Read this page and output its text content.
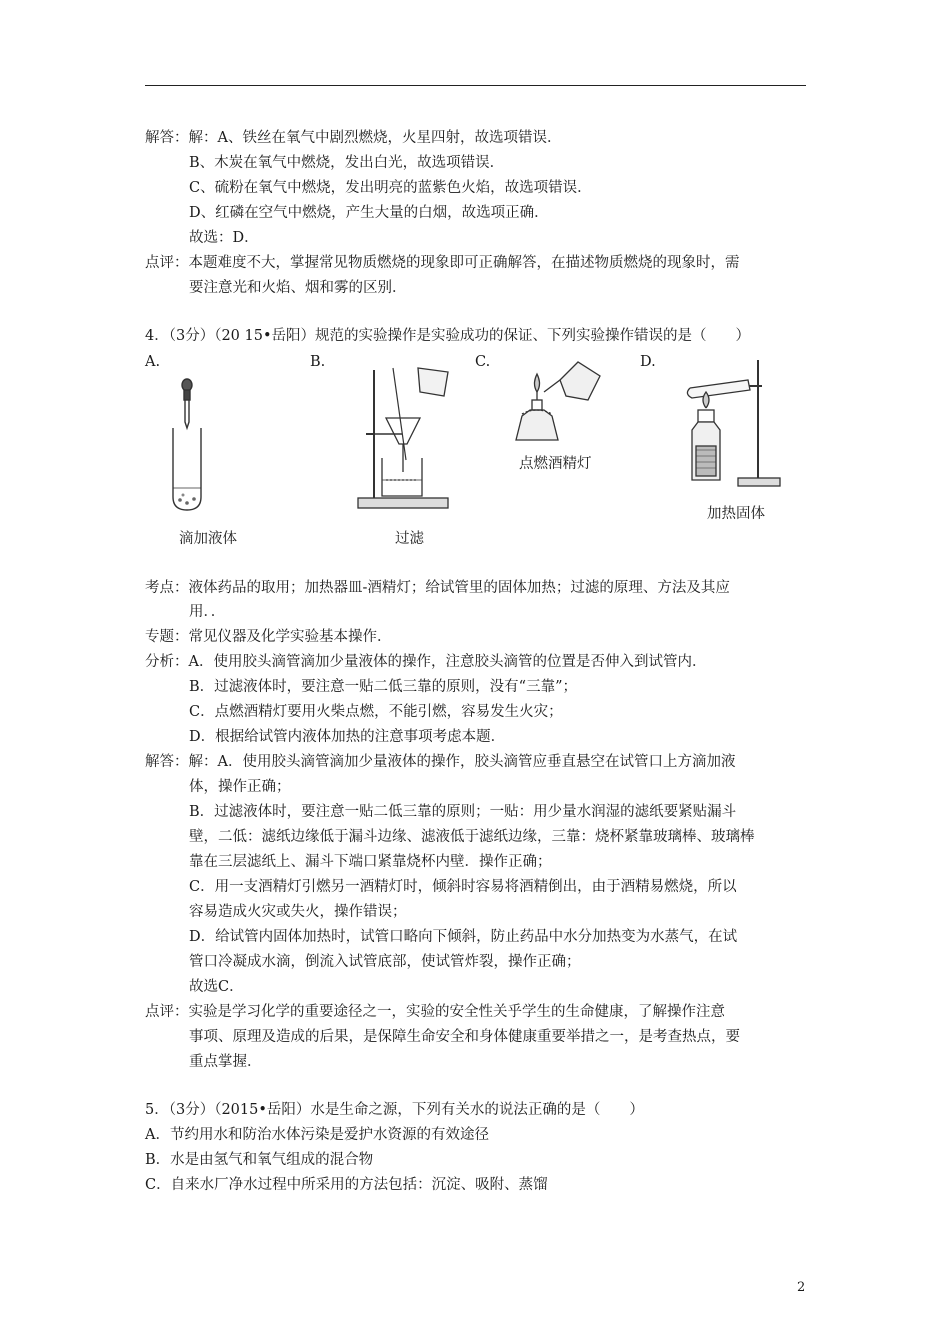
解答：解：A、铁丝在氧气中剧烈燃烧，火星四射，故选项错误．
B、木炭在氧气中燃烧，发出白光，故选项错误．
C、硫粉在氧气中燃烧，发出明亮的蓝紫色火焰，故选项错误．
D、红磷在空气中燃烧，产生大量的白烟，故选项正确．
故选：D．
点评：本题难度不大，掌握常见物质燃烧的现象即可正确解答，在描述物质燃烧的现象时，需
要注意光和火焰、烟和雾的区别．
4．（3分）（20 15•岳阳）规范的实验操作是实验成功的保证、下列实验操作错误的是（　　）
A.	B.	C.	D.
滴加液体	过滤
点燃酒精灯
加热固体
考点：液体药品的取用；加热器皿-酒精灯；给试管里的固体加热；过滤的原理、方法及其应
用．．
专题：常见仪器及化学实验基本操作．
分析：A．使用胶头滴管滴加少量液体的操作，注意胶头滴管的位置是否伸入到试管内．
B．过滤液体时，要注意一贴二低三靠的原则，没有“三靠”；
C．点燃酒精灯要用火柴点燃，不能引燃，容易发生火灾；
D．根据给试管内液体加热的注意事项考虑本题．
解答：解：A．使用胶头滴管滴加少量液体的操作，胶头滴管应垂直悬空在试管口上方滴加液
体，操作正确；
B．过滤液体时，要注意一贴二低三靠的原则；一贴：用少量水润湿的滤纸要紧贴漏斗
壁，二低：滤纸边缘低于漏斗边缘、滤液低于滤纸边缘，三靠：烧杯紧靠玻璃棒、玻璃棒
靠在三层滤纸上、漏斗下端口紧靠烧杯内壁．操作正确；
C．用一支酒精灯引燃另一酒精灯时，倾斜时容易将酒精倒出，由于酒精易燃烧，所以
容易造成火灾或失火，操作错误；
D．给试管内固体加热时，试管口略向下倾斜，防止药品中水分加热变为水蒸气，在试
管口冷凝成水滴，倒流入试管底部，使试管炸裂，操作正确；
故选C．
点评：实验是学习化学的重要途径之一，实验的安全性关乎学生的生命健康，了解操作注意
事项、原理及造成的后果，是保障生命安全和身体健康重要举措之一，是考查热点，要
重点掌握．
5．（3分）（2015•岳阳）水是生命之源，下列有关水的说法正确的是（　　）
A．节约用水和防治水体污染是爱护水资源的有效途径
B．水是由氢气和氧气组成的混合物
C．自来水厂净水过程中所采用的方法包括：沉淀、吸附、蒸馏
2
